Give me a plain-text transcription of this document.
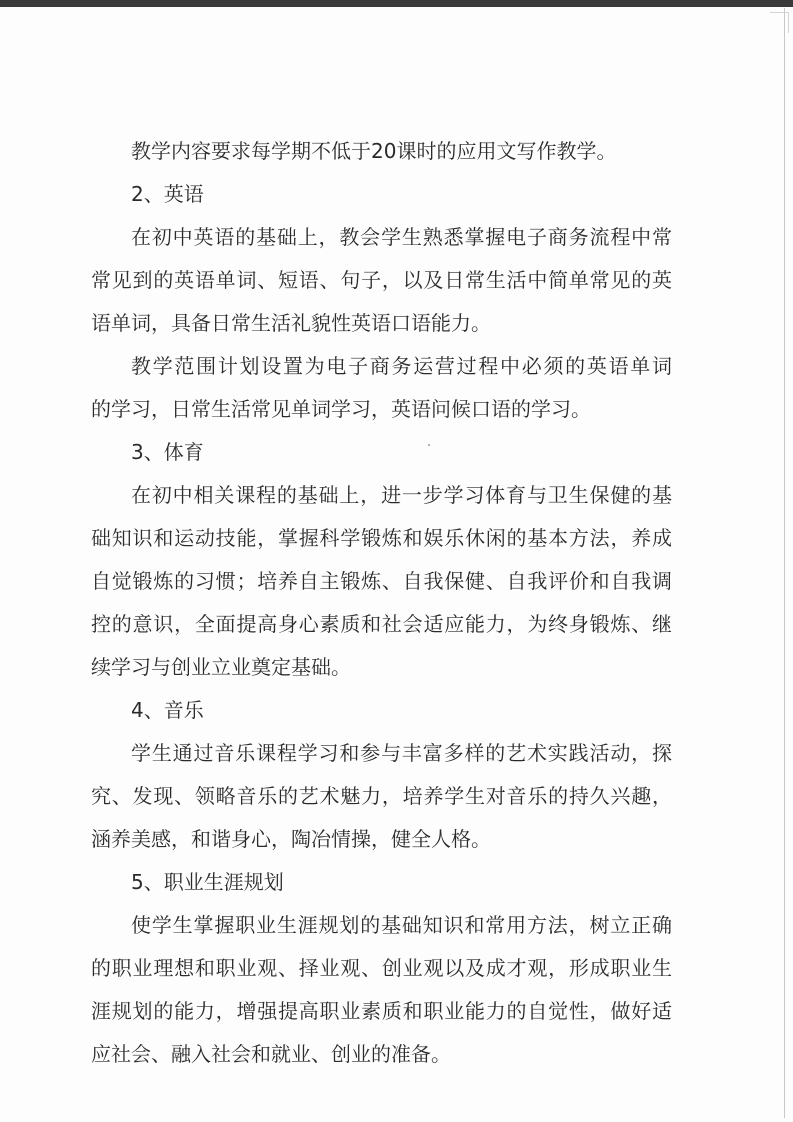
教学内容要求每学期不低于20课时的应用文写作教学。
2、英语
在初中英语的基础上，教会学生熟悉掌握电子商务流程中常
常见到的英语单词、短语、句子，以及日常生活中简单常见的英
语单词，具备日常生活礼貌性英语口语能力。
教学范围计划设置为电子商务运营过程中必须的英语单词
的学习，日常生活常见单词学习，英语问候口语的学习。
3、体育
在初中相关课程的基础上，进一步学习体育与卫生保健的基
础知识和运动技能，掌握科学锻炼和娱乐休闲的基本方法，养成
自觉锻炼的习惯；培养自主锻炼、自我保健、自我评价和自我调
控的意识，全面提高身心素质和社会适应能力，为终身锻炼、继
续学习与创业立业奠定基础。
4、音乐
学生通过音乐课程学习和参与丰富多样的艺术实践活动，探
究、发现、领略音乐的艺术魅力，培养学生对音乐的持久兴趣，
涵养美感，和谐身心，陶冶情操，健全人格。
5、职业生涯规划
使学生掌握职业生涯规划的基础知识和常用方法，树立正确
的职业理想和职业观、择业观、创业观以及成才观，形成职业生
涯规划的能力，增强提高职业素质和职业能力的自觉性，做好适
应社会、融入社会和就业、创业的准备。
